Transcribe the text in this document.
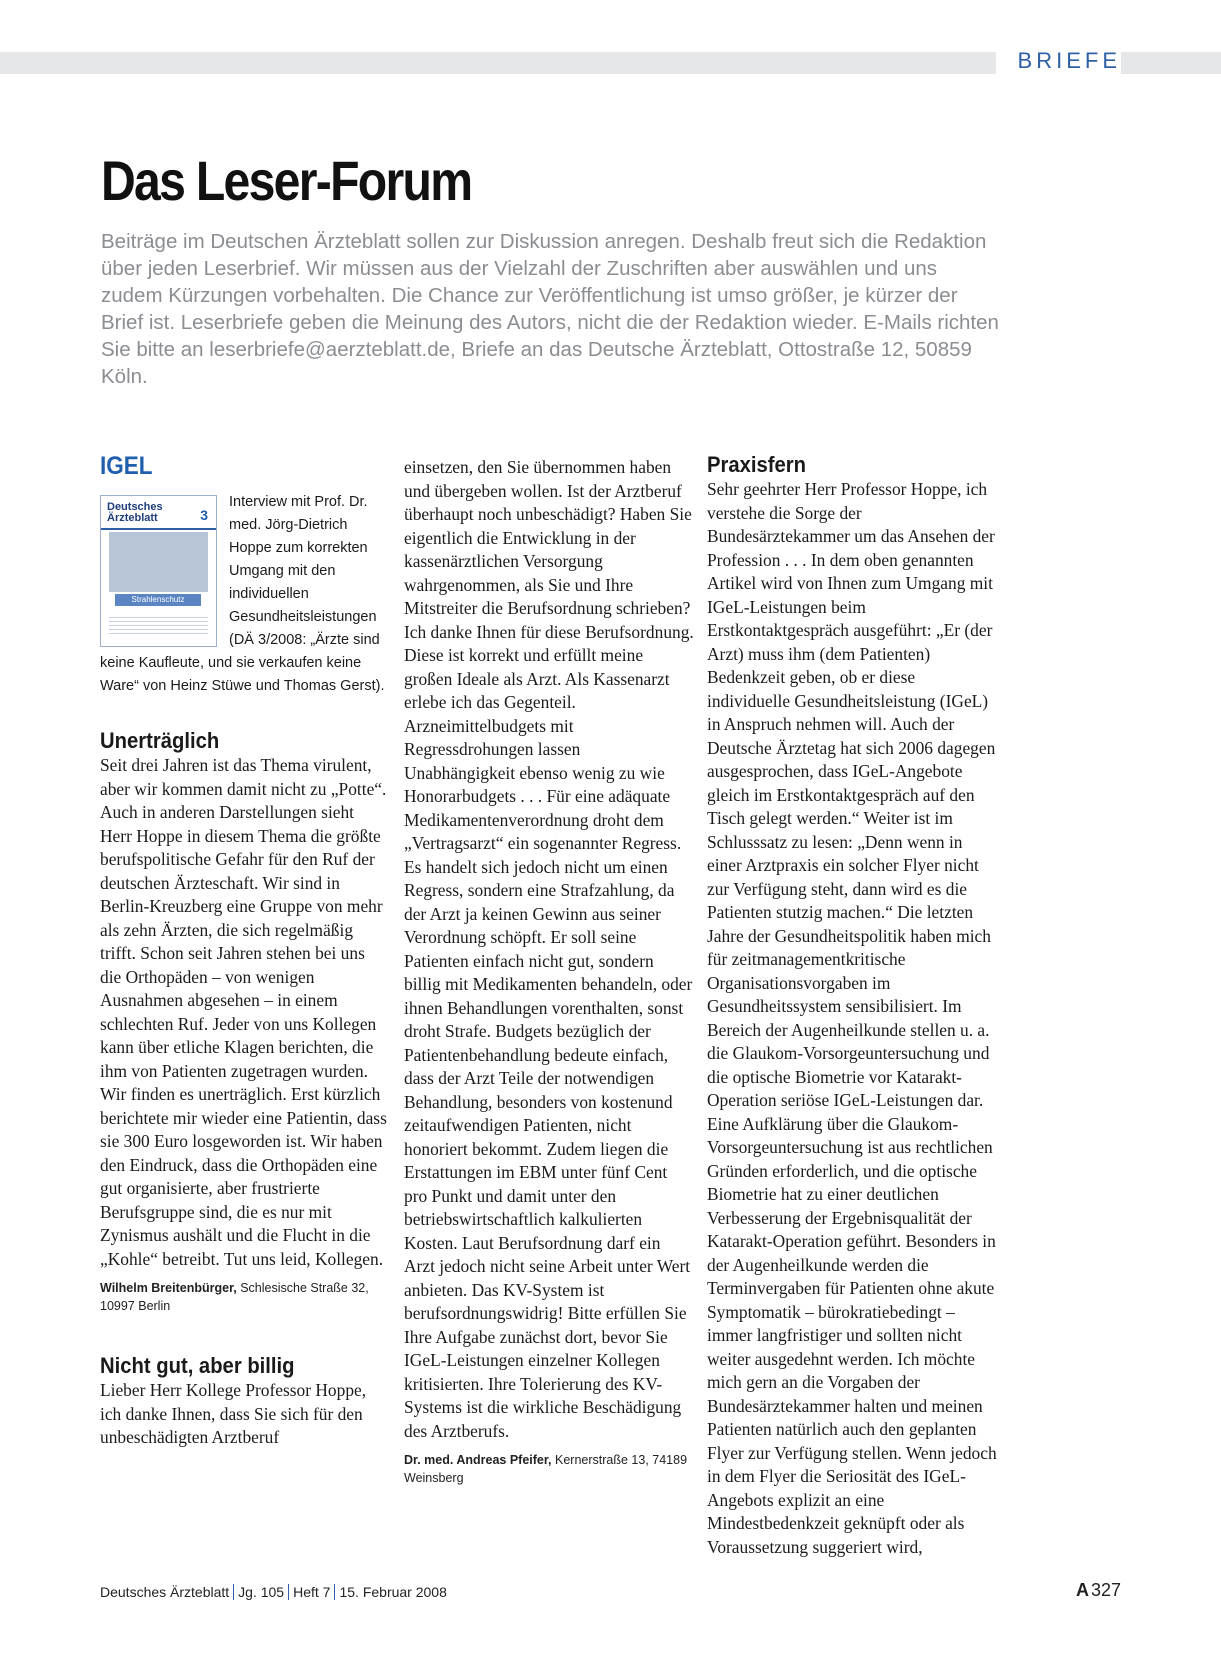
BRIEFE
Das Leser-Forum

Beiträge im Deutschen Ärzteblatt sollen zur Diskussion anregen. Deshalb freut sich die Redaktion über jeden Leserbrief. Wir müssen aus der Vielzahl der Zuschriften aber auswählen und uns zudem Kürzungen vorbehalten. Die Chance zur Veröffentlichung ist umso größer, je kürzer der Brief ist. Leserbriefe geben die Meinung des Autors, nicht die der Redaktion wieder. E-Mails richten Sie bitte an leserbriefe@aerzteblatt.de, Briefe an das Deutsche Ärzteblatt, Ottostraße 12, 50859 Köln.

IGEL
Deutsches Ärzteblatt	3
Strahlenschutz
Interview mit Prof. Dr. med. Jörg-Dietrich Hoppe zum korrekten Umgang mit den individuellen Gesundheitsleistungen (DÄ 3/2008: „Ärzte sind keine Kaufleute, und sie verkaufen keine Ware“ von Heinz Stüwe und Thomas Gerst).
Unerträglich

Seit drei Jahren ist das Thema virulent, aber wir kommen damit nicht zu „Potte“. Auch in anderen Darstellungen sieht Herr Hoppe in diesem Thema die größte berufspolitische Gefahr für den Ruf der deutschen Ärzteschaft. Wir sind in Berlin-Kreuzberg eine Gruppe von mehr als zehn Ärzten, die sich regelmäßig trifft. Schon seit Jahren stehen bei uns die Orthopäden – von wenigen Ausnahmen abgesehen – in einem schlechten Ruf. Jeder von uns Kollegen kann über etliche Klagen berichten, die ihm von Patienten zugetragen wurden. Wir finden es unerträglich. Erst kürzlich berichtete mir wieder eine Patientin, dass sie 300 Euro losgeworden ist. Wir haben den Eindruck, dass die Orthopäden eine gut organisierte, aber frustrierte Berufsgruppe sind, die es nur mit Zynismus aushält und die Flucht in die „Kohle“ betreibt. Tut uns leid, Kollegen.

Wilhelm Breitenbürger, Schlesische Straße 32, 10997 Berlin

Nicht gut, aber billig

Lieber Herr Kollege Professor Hoppe, ich danke Ihnen, dass Sie sich für den unbeschädigten Arztberuf

einsetzen, den Sie übernommen haben und übergeben wollen. Ist der Arztberuf überhaupt noch unbeschädigt? Haben Sie eigentlich die Entwicklung in der kassenärztlichen Versorgung wahrgenommen, als Sie und Ihre Mitstreiter die Berufsordnung schrieben? Ich danke Ihnen für diese Berufsordnung. Diese ist korrekt und erfüllt meine großen Ideale als Arzt. Als Kassenarzt erlebe ich das Gegenteil. Arzneimittelbudgets mit Regressdrohungen lassen Unabhängigkeit ebenso wenig zu wie Honorarbudgets . . . Für eine adäquate Medikamentenverordnung droht dem „Vertragsarzt“ ein sogenannter Regress. Es handelt sich jedoch nicht um einen Regress, sondern eine Strafzahlung, da der Arzt ja keinen Gewinn aus seiner Verordnung schöpft. Er soll seine Patienten einfach nicht gut, sondern billig mit Medikamenten behandeln, oder ihnen Behandlungen vorenthalten, sonst droht Strafe. Budgets bezüglich der Patientenbehandlung bedeute einfach, dass der Arzt Teile der notwendigen Behandlung, besonders von kostenund zeitaufwendigen Patienten, nicht honoriert bekommt. Zudem liegen die Erstattungen im EBM unter fünf Cent pro Punkt und damit unter den betriebswirtschaftlich kalkulierten Kosten. Laut Berufsordnung darf ein Arzt jedoch nicht seine Arbeit unter Wert anbieten. Das KV-System ist berufsordnungswidrig! Bitte erfüllen Sie Ihre Aufgabe zunächst dort, bevor Sie IGeL-Leistungen einzelner Kollegen kritisierten. Ihre Tolerierung des KV-Systems ist die wirkliche Beschädigung des Arztberufs.

Dr. med. Andreas Pfeifer, Kernerstraße 13, 74189 Weinsberg

Praxisfern

Sehr geehrter Herr Professor Hoppe, ich verstehe die Sorge der Bundesärztekammer um das Ansehen der Profession . . . In dem oben genannten Artikel wird von Ihnen zum Umgang mit IGeL-Leistungen beim Erstkontaktgespräch ausgeführt: „Er (der Arzt) muss ihm (dem Patienten) Bedenkzeit geben, ob er diese individuelle Gesundheitsleistung (IGeL) in Anspruch nehmen will. Auch der Deutsche Ärztetag hat sich 2006 dagegen ausgesprochen, dass IGeL-Angebote gleich im Erstkontaktgespräch auf den Tisch gelegt werden.“ Weiter ist im Schlusssatz zu lesen: „Denn wenn in einer Arztpraxis ein solcher Flyer nicht zur Verfügung steht, dann wird es die Patienten stutzig machen.“ Die letzten Jahre der Gesundheitspolitik haben mich für zeitmanagementkritische Organisationsvorgaben im Gesundheitssystem sensibilisiert. Im Bereich der Augenheilkunde stellen u. a. die Glaukom-Vorsorgeuntersuchung und die optische Biometrie vor Katarakt-Operation seriöse IGeL-Leistungen dar. Eine Aufklärung über die Glaukom-Vorsorgeuntersuchung ist aus rechtlichen Gründen erforderlich, und die optische Biometrie hat zu einer deutlichen Verbesserung der Ergebnisqualität der Katarakt-Operation geführt. Besonders in der Augenheilkunde werden die Terminvergaben für Patienten ohne akute Symptomatik – bürokratiebedingt – immer langfristiger und sollten nicht weiter ausgedehnt werden. Ich möchte mich gern an die Vorgaben der Bundesärztekammer halten und meinen Patienten natürlich auch den geplanten Flyer zur Verfügung stellen. Wenn jedoch in dem Flyer die Seriosität des IGeL-Angebots explizit an eine Mindestbedenkzeit geknüpft oder als Voraussetzung suggeriert wird,

Deutsches Ärzteblatt Jg. 105 Heft 7 15. Februar 2008	A 327
